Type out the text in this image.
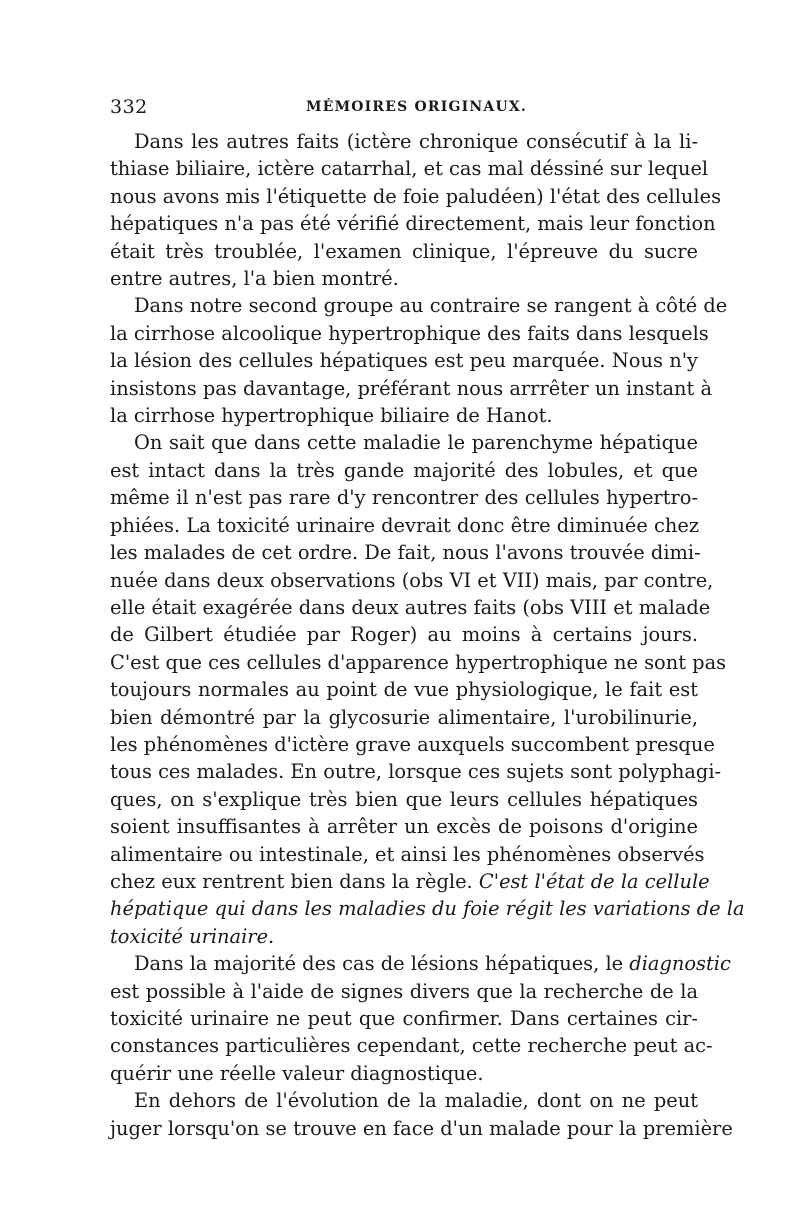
332	MÉMOIRES ORIGINAUX.

Dans les autres faits (ictère chronique consécutif à la li-
thiase biliaire, ictère catarrhal, et cas mal déssiné sur lequel
nous avons mis l'étiquette de foie paludéen) l'état des cellules
hépatiques n'a pas été vérifié directement, mais leur fonction
était très troublée, l'examen clinique, l'épreuve du sucre
entre autres, l'a bien montré.

Dans notre second groupe au contraire se rangent à côté de
la cirrhose alcoolique hypertrophique des faits dans lesquels
la lésion des cellules hépatiques est peu marquée. Nous n'y
insistons pas davantage, préférant nous arrrêter un instant à
la cirrhose hypertrophique biliaire de Hanot.

On sait que dans cette maladie le parenchyme hépatique
est intact dans la très gande majorité des lobules, et que
même il n'est pas rare d'y rencontrer des cellules hypertro-
phiées. La toxicité urinaire devrait donc être diminuée chez
les malades de cet ordre. De fait, nous l'avons trouvée dimi-
nuée dans deux observations (obs VI et VII) mais, par contre,
elle était exagérée dans deux autres faits (obs VIII et malade
de Gilbert étudiée par Roger) au moins à certains jours.
C'est que ces cellules d'apparence hypertrophique ne sont pas
toujours normales au point de vue physiologique, le fait est
bien démontré par la glycosurie alimentaire, l'urobilinurie,
les phénomènes d'ictère grave auxquels succombent presque
tous ces malades. En outre, lorsque ces sujets sont polyphagi-
ques, on s'explique très bien que leurs cellules hépatiques
soient insuffisantes à arrêter un excès de poisons d'origine
alimentaire ou intestinale, et ainsi les phénomènes observés
chez eux rentrent bien dans la règle. C'est l'état de la cellule
hépatique qui dans les maladies du foie régit les variations de la
toxicité urinaire.

Dans la majorité des cas de lésions hépatiques, le diagnostic
est possible à l'aide de signes divers que la recherche de la
toxicité urinaire ne peut que confirmer. Dans certaines cir-
constances particulières cependant, cette recherche peut ac-
quérir une réelle valeur diagnostique.

En dehors de l'évolution de la maladie, dont on ne peut
juger lorsqu'on se trouve en face d'un malade pour la première
